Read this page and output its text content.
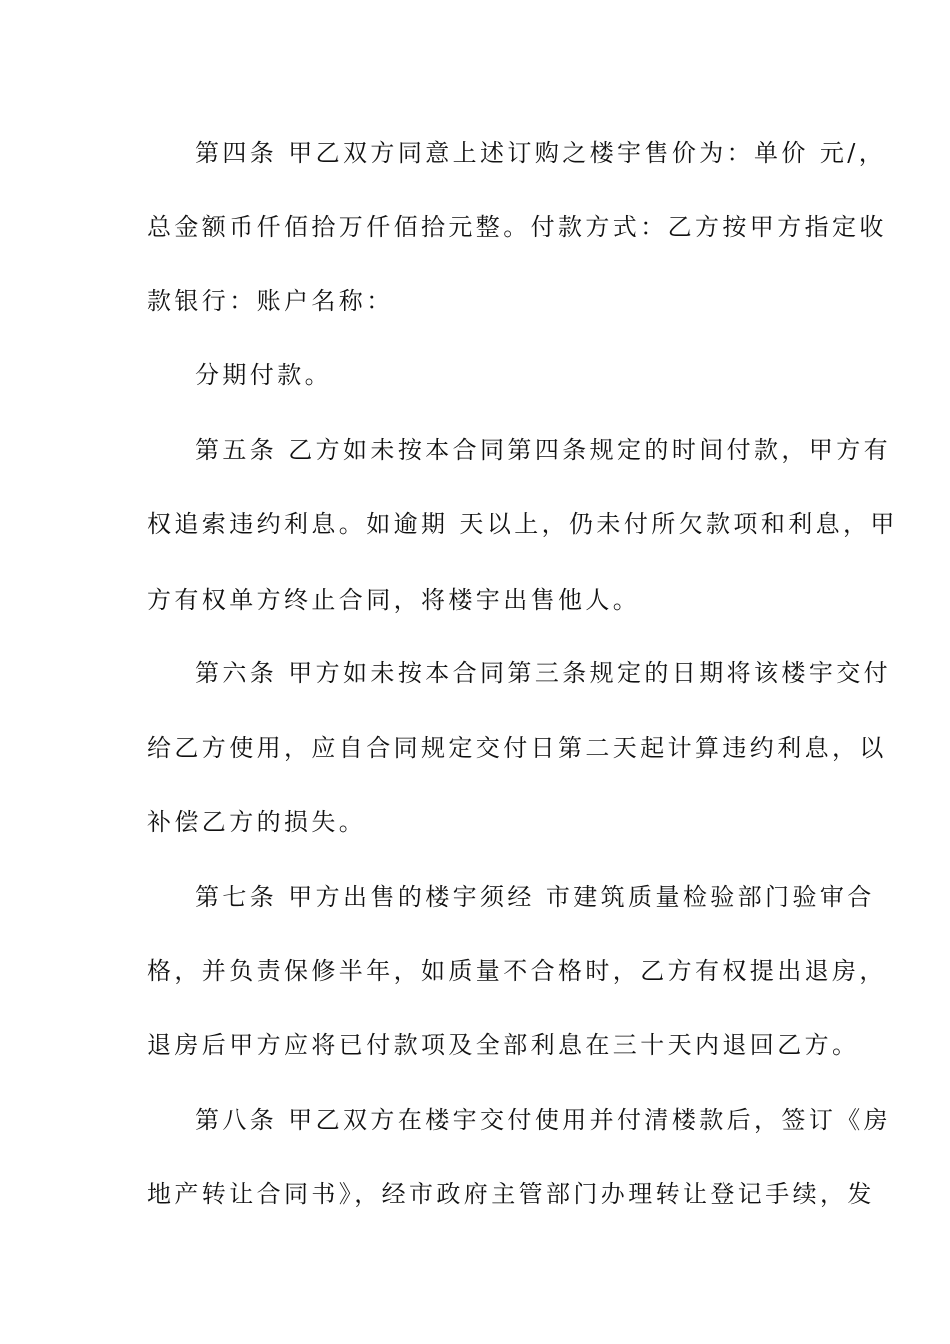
第四条 甲乙双方同意上述订购之楼宇售价为：单价 元/，
总金额币仟佰拾万仟佰拾元整。付款方式：乙方按甲方指定收
款银行：账户名称：
分期付款。
第五条 乙方如未按本合同第四条规定的时间付款，甲方有
权追索违约利息。如逾期 天以上，仍未付所欠款项和利息，甲
方有权单方终止合同，将楼宇出售他人。
第六条 甲方如未按本合同第三条规定的日期将该楼宇交付
给乙方使用，应自合同规定交付日第二天起计算违约利息，以
补偿乙方的损失。
第七条 甲方出售的楼宇须经 市建筑质量检验部门验审合
格，并负责保修半年，如质量不合格时，乙方有权提出退房，
退房后甲方应将已付款项及全部利息在三十天内退回乙方。
第八条 甲乙双方在楼宇交付使用并付清楼款后，签订《房
地产转让合同书》，经市政府主管部门办理转让登记手续，发
